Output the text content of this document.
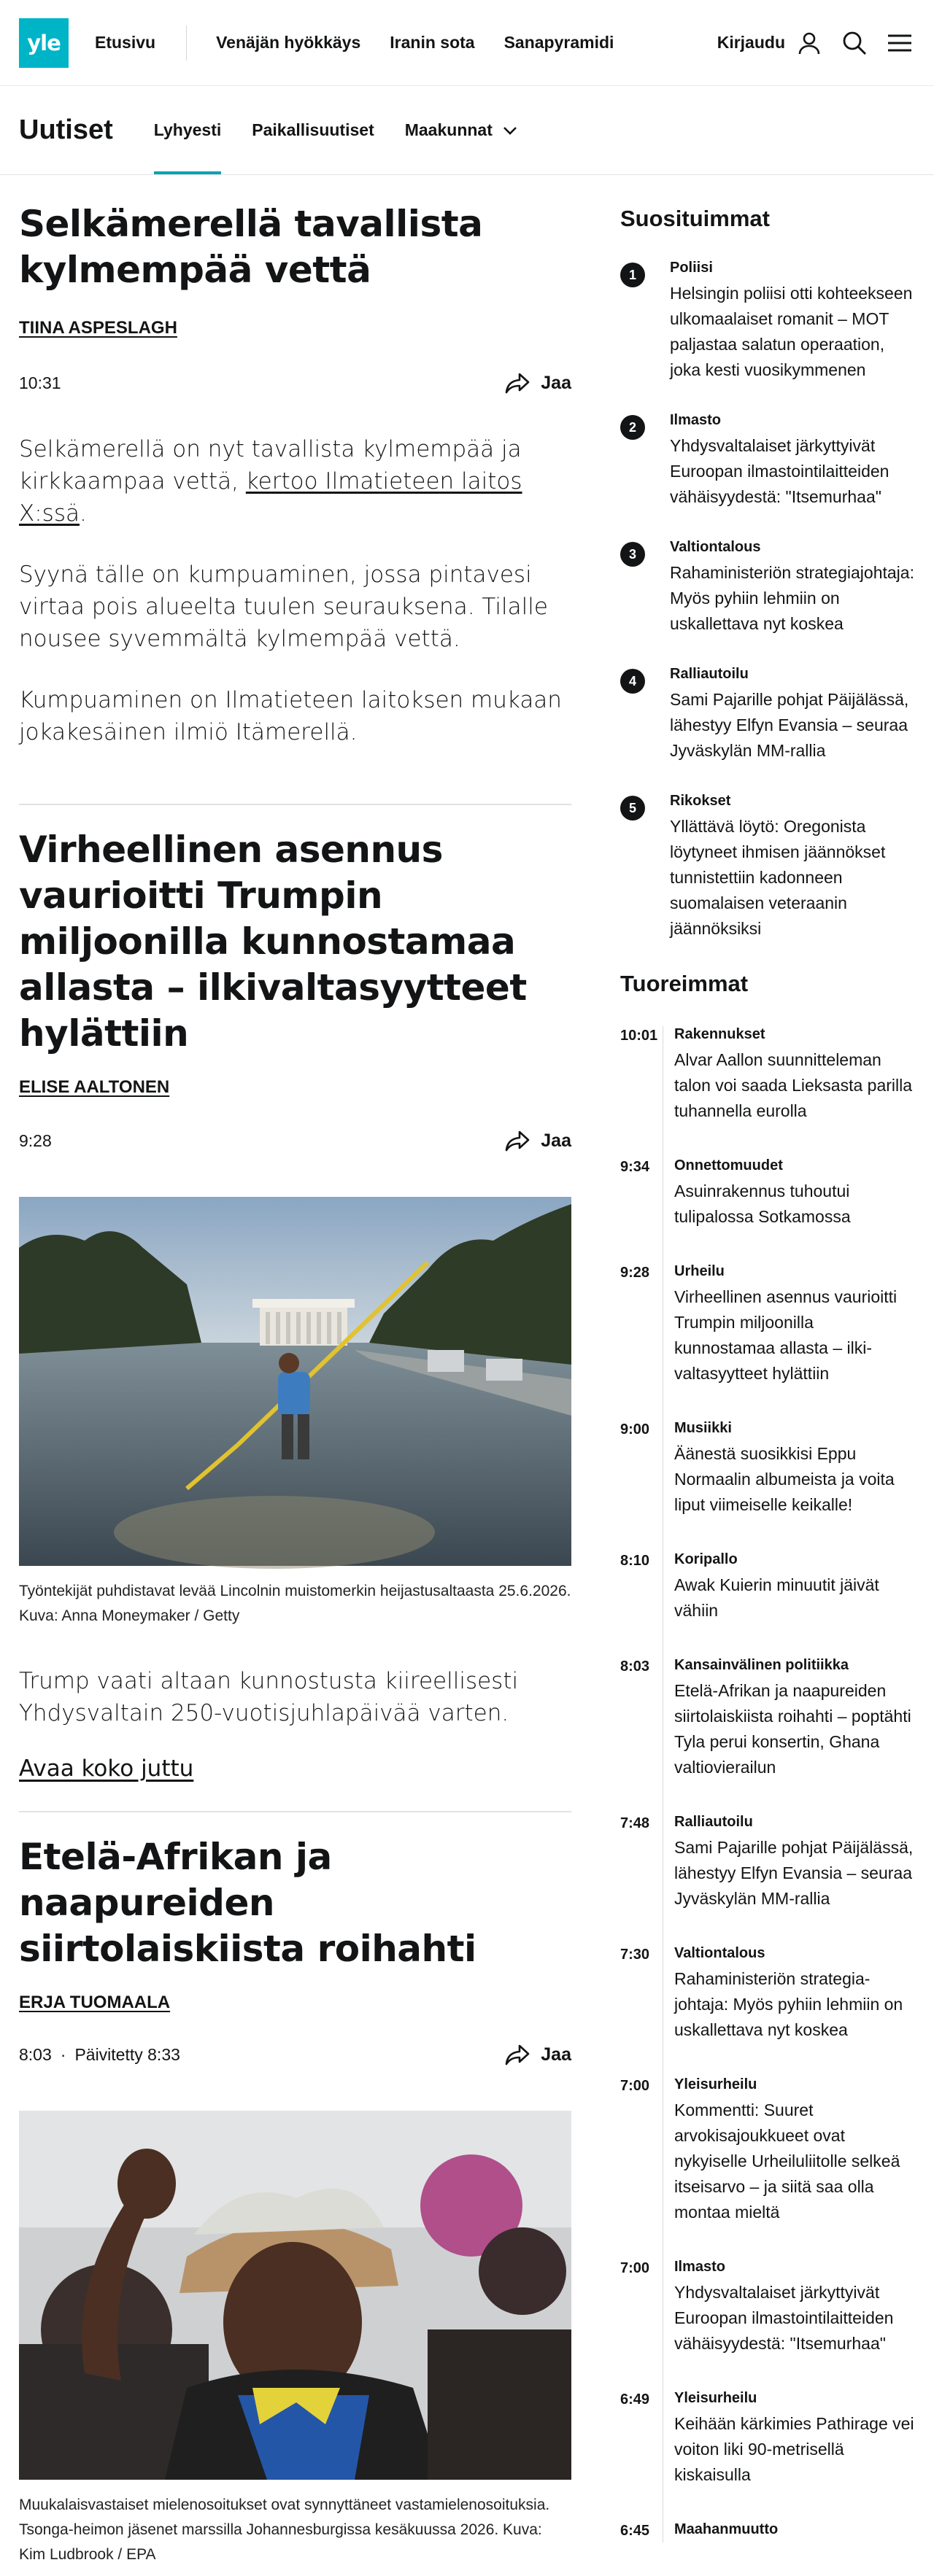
yle Etusivu	Venäjän hyökkäys Iranin sota Sanapyramidi	Kirjaudu
Uutiset Lyhyesti Paikallisuutiset Maakunnat
Selkämerellä tavallista kylmempää vettä
TIINA ASPESLAGH
10:31	Jaa

Selkämerellä on nyt tavallista kylmempää ja kirkkaampaa vettä, kertoo Ilmatieteen laitos X:ssä.

Syynä tälle on kumpuaminen, jossa pintavesi virtaa pois alueelta tuulen seurauksena. Tilalle nousee syvemmältä kylmempää vettä.

Kumpuaminen on Ilmatieteen laitoksen mukaan jokakesäinen ilmiö Itämerellä.

Virheellinen asennus vaurioitti Trumpin miljoonilla kunnostamaa allasta – ilkivaltasyytteet hylättiin
ELISE AALTONEN
9:28	Jaa
Työntekijät puhdistavat levää Lincolnin muistomerkin heijastusaltaasta 25.6.2026. Kuva: Anna Moneymaker / Getty

Trump vaati altaan kunnostusta kiireellisesti Yhdysvaltain 250-vuotisjuhlapäivää varten.

Avaa koko juttu
Etelä-Afrikan ja naapureiden siirtolaiskiista roihahti
ERJA TUOMAALA
8:03 · Päivitetty 8:33	Jaa
Muukalaisvastaiset mielenosoitukset ovat synnyttäneet vastamielenosoituksia. Tsonga-heimon jäsenet marssilla Johannesburgissa kesäkuussa 2026. Kuva: Kim Ludbrook / EPA
Suosituimmat
1	Poliisi
Helsingin poliisi otti kohteekseen ulkomaalaiset romanit – MOT paljastaa salatun operaation, joka kesti vuosikymmenen
2	Ilmasto
Yhdysvaltalaiset järkyttyivät Euroopan ilmastointilaitteiden vähäisyydestä: "Itsemurhaa"
3	Valtiontalous
Rahaministeriön strategiajohtaja: Myös pyhiin lehmiin on uskallettava nyt koskea
4	Ralliautoilu
Sami Pajarille pohjat Päijälässä, lähestyy Elfyn Evansia – seuraa Jyväskylän MM-rallia
5	Rikokset
Yllättävä löytö: Oregonista löytyneet ihmisen jäännökset tunnistettiin kadonneen suomalaisen veteraanin jäännöksiksi
Tuoreimmat
10:01	Rakennukset
Alvar Aallon suunnitteleman talon voi saada Lieksasta parilla tuhannella eurolla
9:34	Onnettomuudet
Asuinrakennus tuhoutui tulipalossa Sotkamossa
9:28	Urheilu
Virheellinen asennus vaurioitti Trumpin miljoonilla kunnostamaa allasta – ilkivaltasyytteet hylättiin
9:00	Musiikki
Äänestä suosikkisi Eppu Normaalin albumeista ja voita liput viimeiselle keikalle!
8:10	Koripallo
Awak Kuierin minuutit jäivät vähiin
8:03	Kansainvälinen politiikka
Etelä-Afrikan ja naapureiden siirtolaiskiista roihahti – poptähti Tyla perui konsertin, Ghana valtiovierailun
7:48	Ralliautoilu
Sami Pajarille pohjat Päijälässä, lähestyy Elfyn Evansia – seuraa Jyväskylän MM-rallia
7:30	Valtiontalous
Rahaministeriön strategiajohtaja: Myös pyhiin lehmiin on uskallettava nyt koskea
7:00	Yleisurheilu
Kommentti: Suuret arvokisajoukkueet ovat nykyiselle Urheiluliitolle selkeä itseisarvo – ja siitä saa olla montaa mieltä
7:00	Ilmasto
Yhdysvaltalaiset järkyttyivät Euroopan ilmastointilaitteiden vähäisyydestä: "Itsemurhaa"
6:49	Yleisurheilu
Keihään kärkimies Pathirage vei voiton liki 90-metrisellä kiskaisulla
6:45	Maahanmuutto
